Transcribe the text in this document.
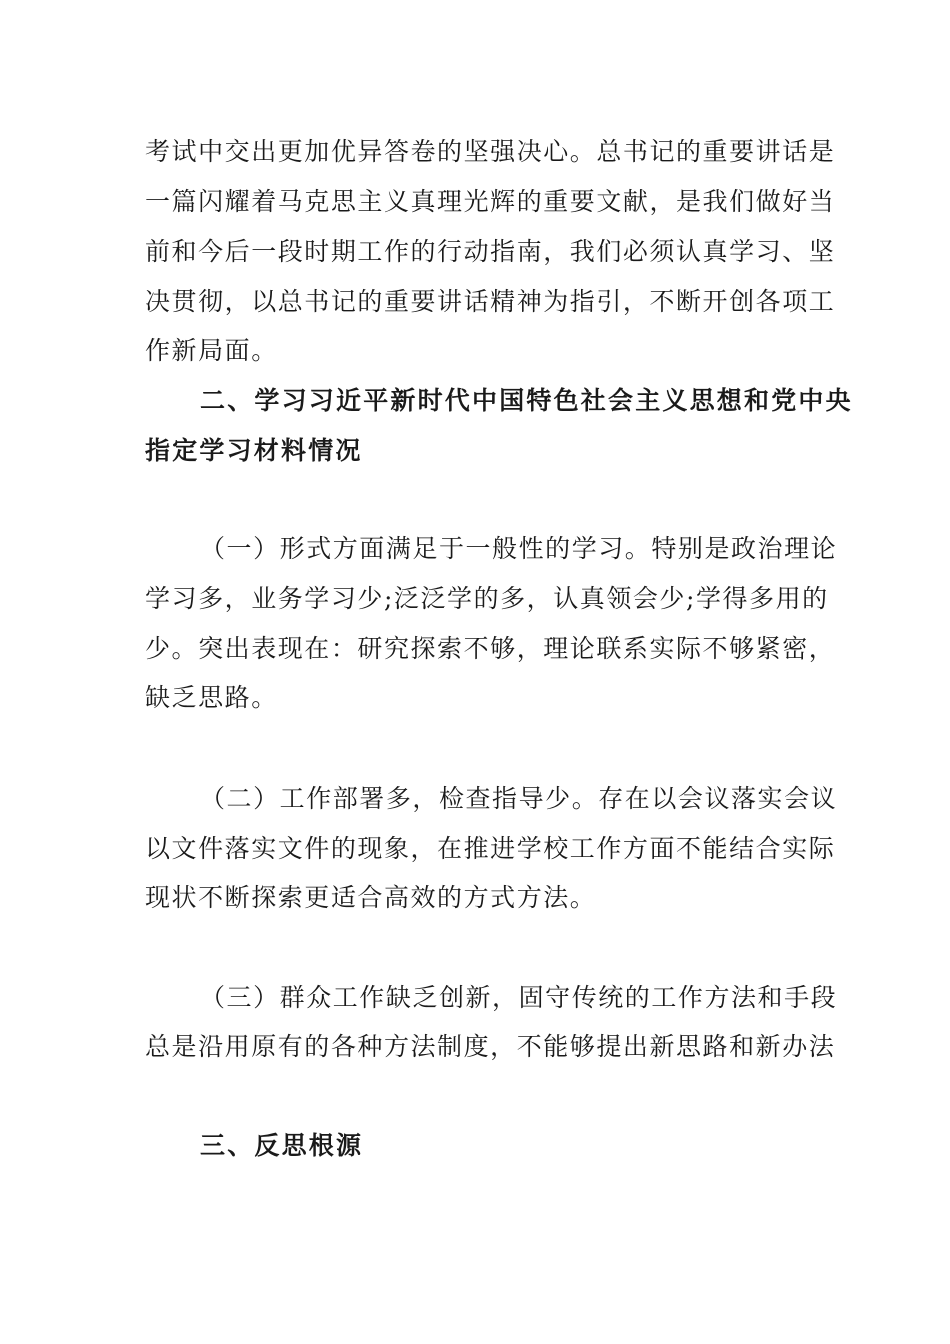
考试中交出更加优异答卷的坚强决心。总书记的重要讲话是
一篇闪耀着马克思主义真理光辉的重要文献，是我们做好当
前和今后一段时期工作的行动指南，我们必须认真学习、坚
决贯彻，以总书记的重要讲话精神为指引，不断开创各项工
作新局面。
二、学习习近平新时代中国特色社会主义思想和党中央
指定学习材料情况
（一）形式方面满足于一般性的学习。特别是政治理论
学习多，业务学习少;泛泛学的多，认真领会少;学得多用的
少。突出表现在：研究探索不够，理论联系实际不够紧密，
缺乏思路。
（二）工作部署多，检查指导少。存在以会议落实会议
以文件落实文件的现象，在推进学校工作方面不能结合实际
现状不断探索更适合高效的方式方法。
（三）群众工作缺乏创新，固守传统的工作方法和手段
总是沿用原有的各种方法制度，不能够提出新思路和新办法
三、反思根源
